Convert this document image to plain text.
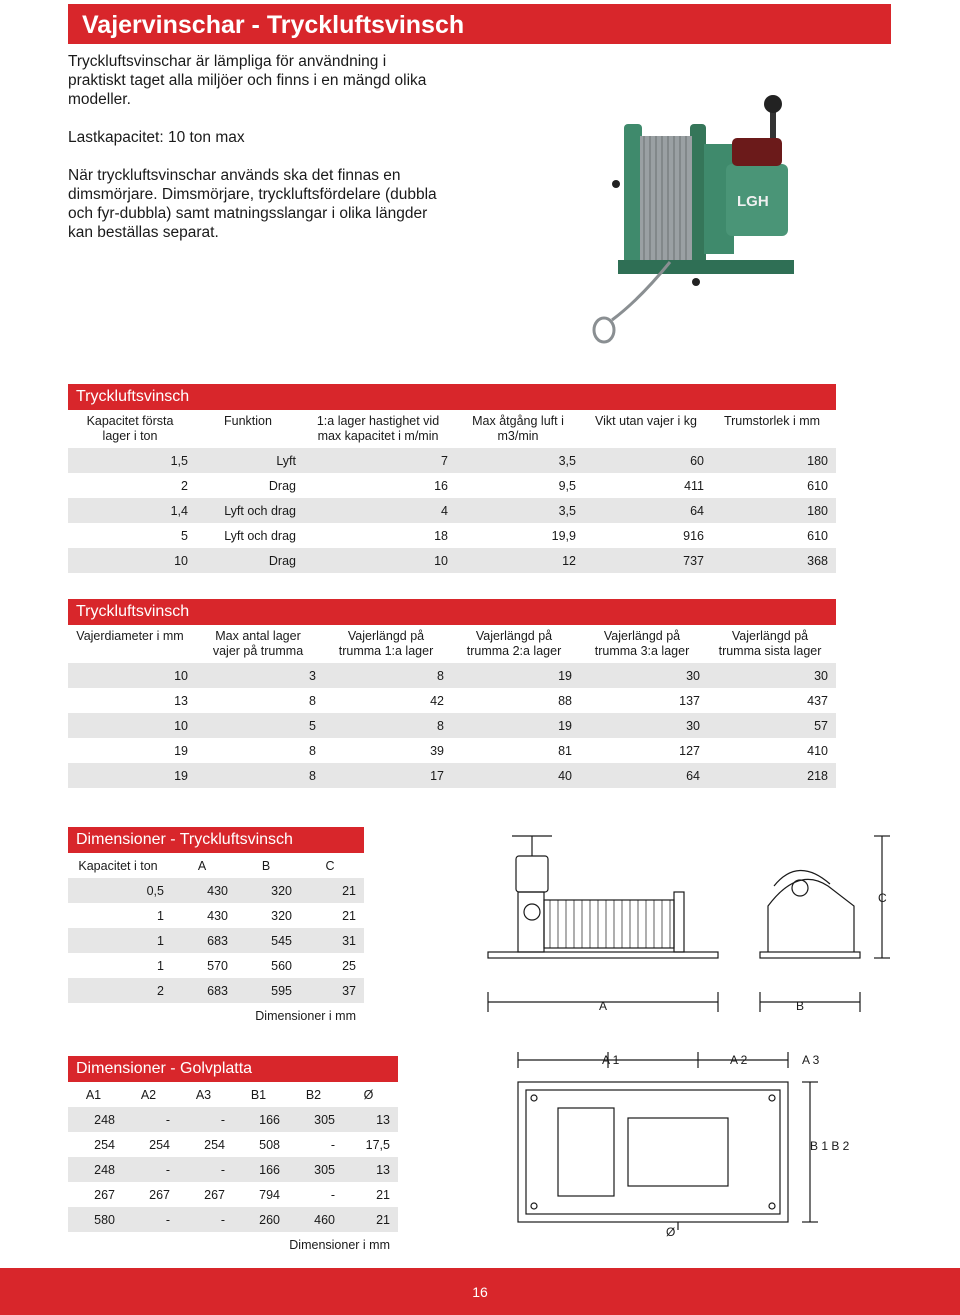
Vajervinschar - Tryckluftsvinsch

Tryckluftsvinschar är lämpliga för användning i praktiskt taget alla miljöer och finns i en mängd olika modeller.

Lastkapacitet: 10 ton max

När tryckluftsvinschar används ska det finnas en dimsmörjare. Dimsmörjare, tryckluftsfördelare (dubbla och fyr-dubbla) samt matningsslangar i olika längder kan beställas separat.

LGH
Tryckluftsvinsch
Kapacitet första lager i ton	Funktion	1:a lager hastighet vid max kapacitet i m/min	Max åtgång luft i m3/min	Vikt utan vajer i kg	Trumstorlek i mm
1,5	Lyft	7	3,5	60	180
2	Drag	16	9,5	411	610
1,4	Lyft och drag	4	3,5	64	180
5	Lyft och drag	18	19,9	916	610
10	Drag	10	12	737	368
Tryckluftsvinsch
Vajerdiameter i mm	Max antal lager vajer på trumma	Vajerlängd på trumma 1:a lager	Vajerlängd på trumma 2:a lager	Vajerlängd på trumma 3:a lager	Vajerlängd på trumma sista lager
10	3	8	19	30	30
13	8	42	88	137	437
10	5	8	19	30	57
19	8	39	81	127	410
19	8	17	40	64	218
Dimensioner - Tryckluftsvinsch
Kapacitet i ton	A	B	C
0,5	430	320	21
1	430	320	21
1	683	545	31
1	570	560	25
2	683	595	37
Dimensioner i mm			
Dimensioner - Golvplatta
A1	A2	A3	B1	B2	Ø
248	-	-	166	305	13
254	254	254	508	-	17,5
248	-	-	166	305	13
267	267	267	794	-	21
580	-	-	260	460	21
Dimensioner i mm					
A	B
C
A 1	A 2	A 3
B 1 B 2
Ø
16
